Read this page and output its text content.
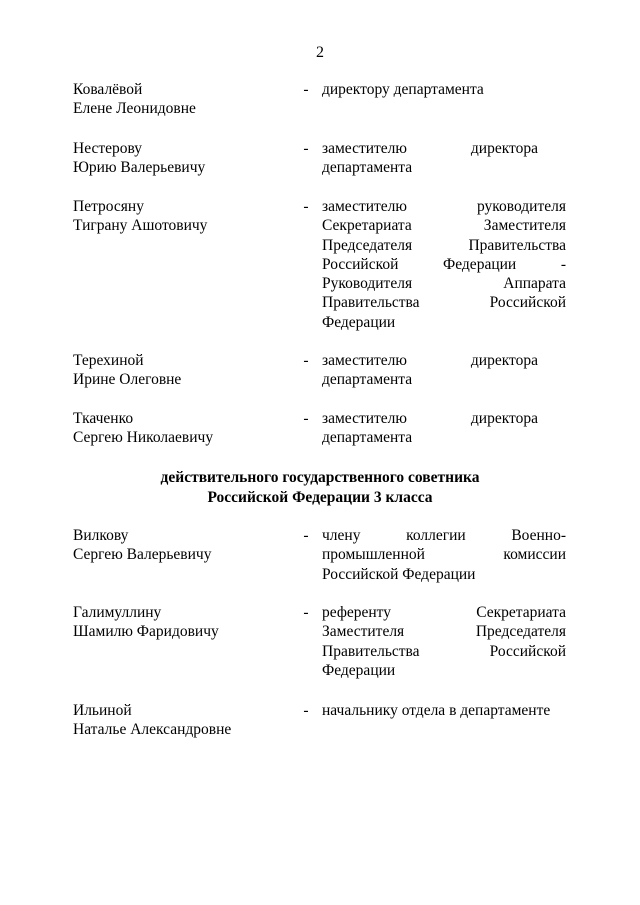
2
Ковалёвой
Елене Леонидовне
- директору департамента
Нестерову
Юрию Валерьевичу
- заместителю директора департамента
Петросяну
Тиграну Ашотовичу
- заместителю руководителя Секретариата Заместителя Председателя Правительства Российской Федерации - Руководителя Аппарата Правительства Российской Федерации
Терехиной
Ирине Олеговне
- заместителю директора департамента
Ткаченко
Сергею Николаевичу
- заместителю директора департамента
действительного государственного советника
Российской Федерации 3 класса
Вилкову
Сергею Валерьевичу
- члену коллегии Военно-промышленной комиссии Российской Федерации
Галимуллину
Шамилю Фаридовичу
- референту Секретариата Заместителя Председателя Правительства Российской Федерации
Ильиной
Наталье Александровне
- начальнику отдела в департаменте
